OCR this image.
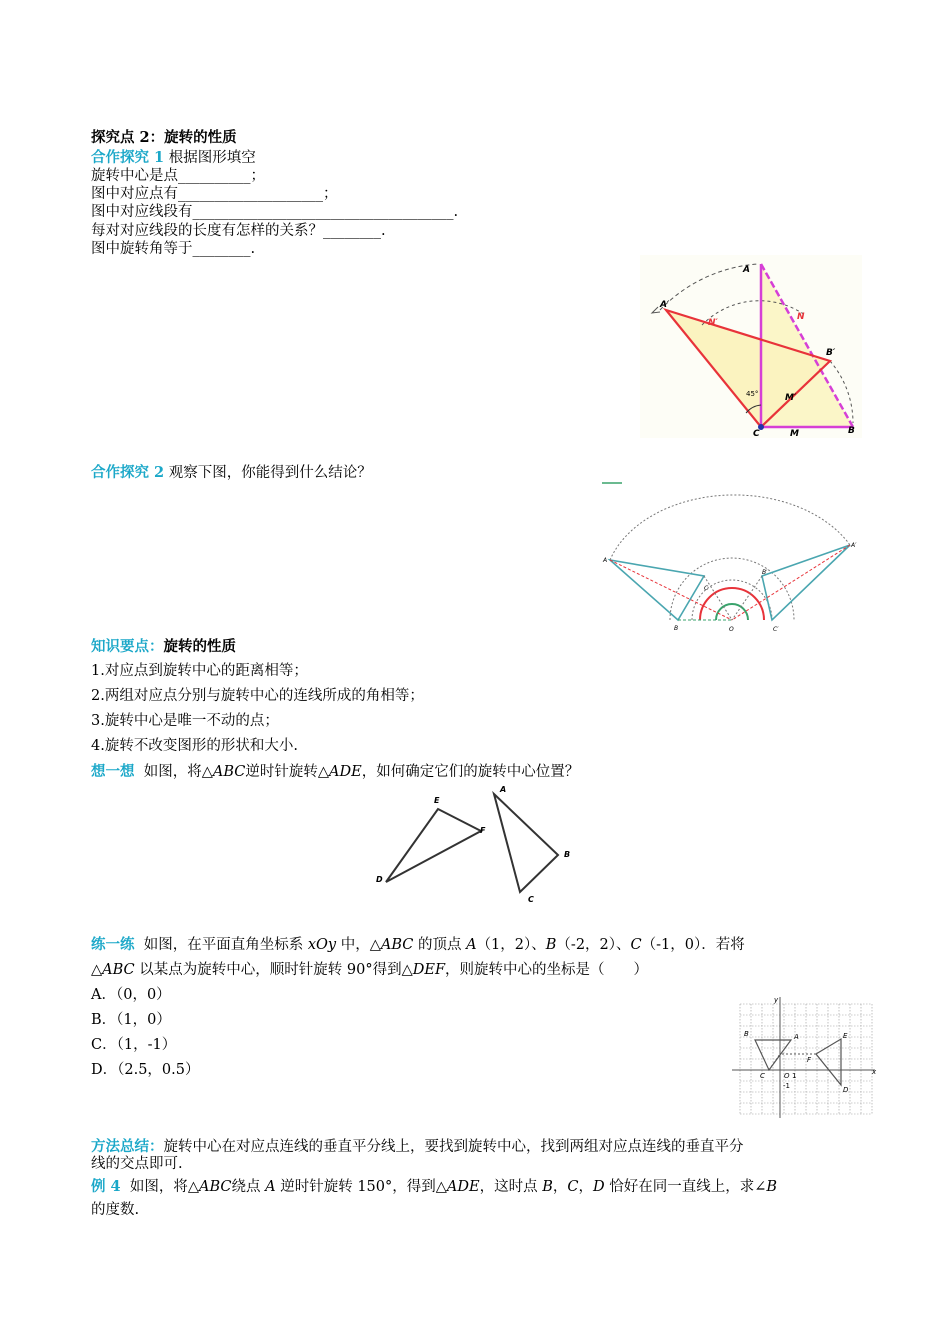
探究点 2：旋转的性质
合作探究 1 根据图形填空
旋转中心是点__________；
图中对应点有____________________；
图中对应线段有____________________________________.
每对对应线段的长度有怎样的关系？________.
图中旋转角等于________.
A
A′
B′
B
C	M
M′
N
N′
45°
合作探究 2 观察下图，你能得到什么结论？
A
A′
B
B′
C
C′
O
知识要点：旋转的性质
1.对应点到旋转中心的距离相等；
2.两组对应点分别与旋转中心的连线所成的角相等；
3.旋转中心是唯一不动的点；
4.旋转不改变图形的形状和大小.
想一想 如图，将△ABC逆时针旋转△ADE，如何确定它们的旋转中心位置？
D
E
F
A
B
C
练一练 如图，在平面直角坐标系 xOy 中，△ABC 的顶点 A（1，2）、B（-2，2）、C（-1，0）．若将
△ABC 以某点为旋转中心，顺时针旋转 90°得到△DEF，则旋转中心的坐标是（　　）
A．（0，0）
B．（1，0）
C．（1，-1）
D．（2.5，0.5）
y
x
A
B
C
D
E
F
O 1
-1
方法总结：旋转中心在对应点连线的垂直平分线上，要找到旋转中心，找到两组对应点连线的垂直平分
线的交点即可.
例 4 如图，将△ABC绕点 A 逆时针旋转 150°，得到△ADE，这时点 B，C，D 恰好在同一直线上，求∠B
的度数.
